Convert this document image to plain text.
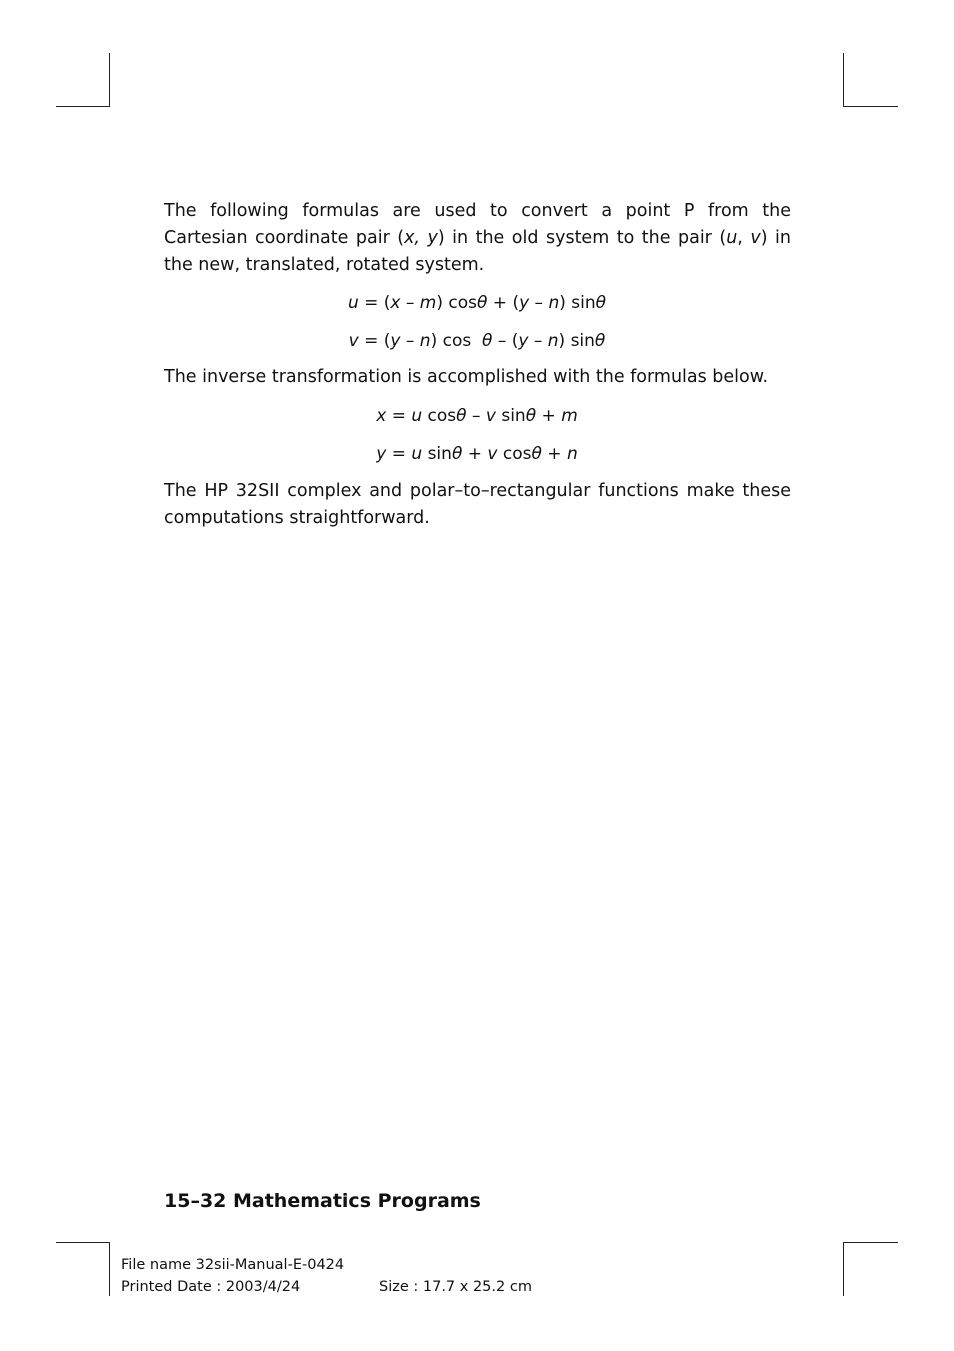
The following formulas are used to convert a point P from the Cartesian coordinate pair (x, y) in the old system to the pair (u, v) in the new, translated, rotated system.

u = (x – m) cosθ + (y – n) sinθ
v = (y – n) cos  θ – (y – n) sinθ

The inverse transformation is accomplished with the formulas below.

x = u cosθ – v sinθ + m
y = u sinθ + v cosθ + n

The HP 32SII complex and polar–to–rectangular functions make these computations straightforward.

15–32 Mathematics Programs

File name 32sii-Manual-E-0424
Printed Date : 2003/4/24	Size : 17.7 x 25.2 cm
